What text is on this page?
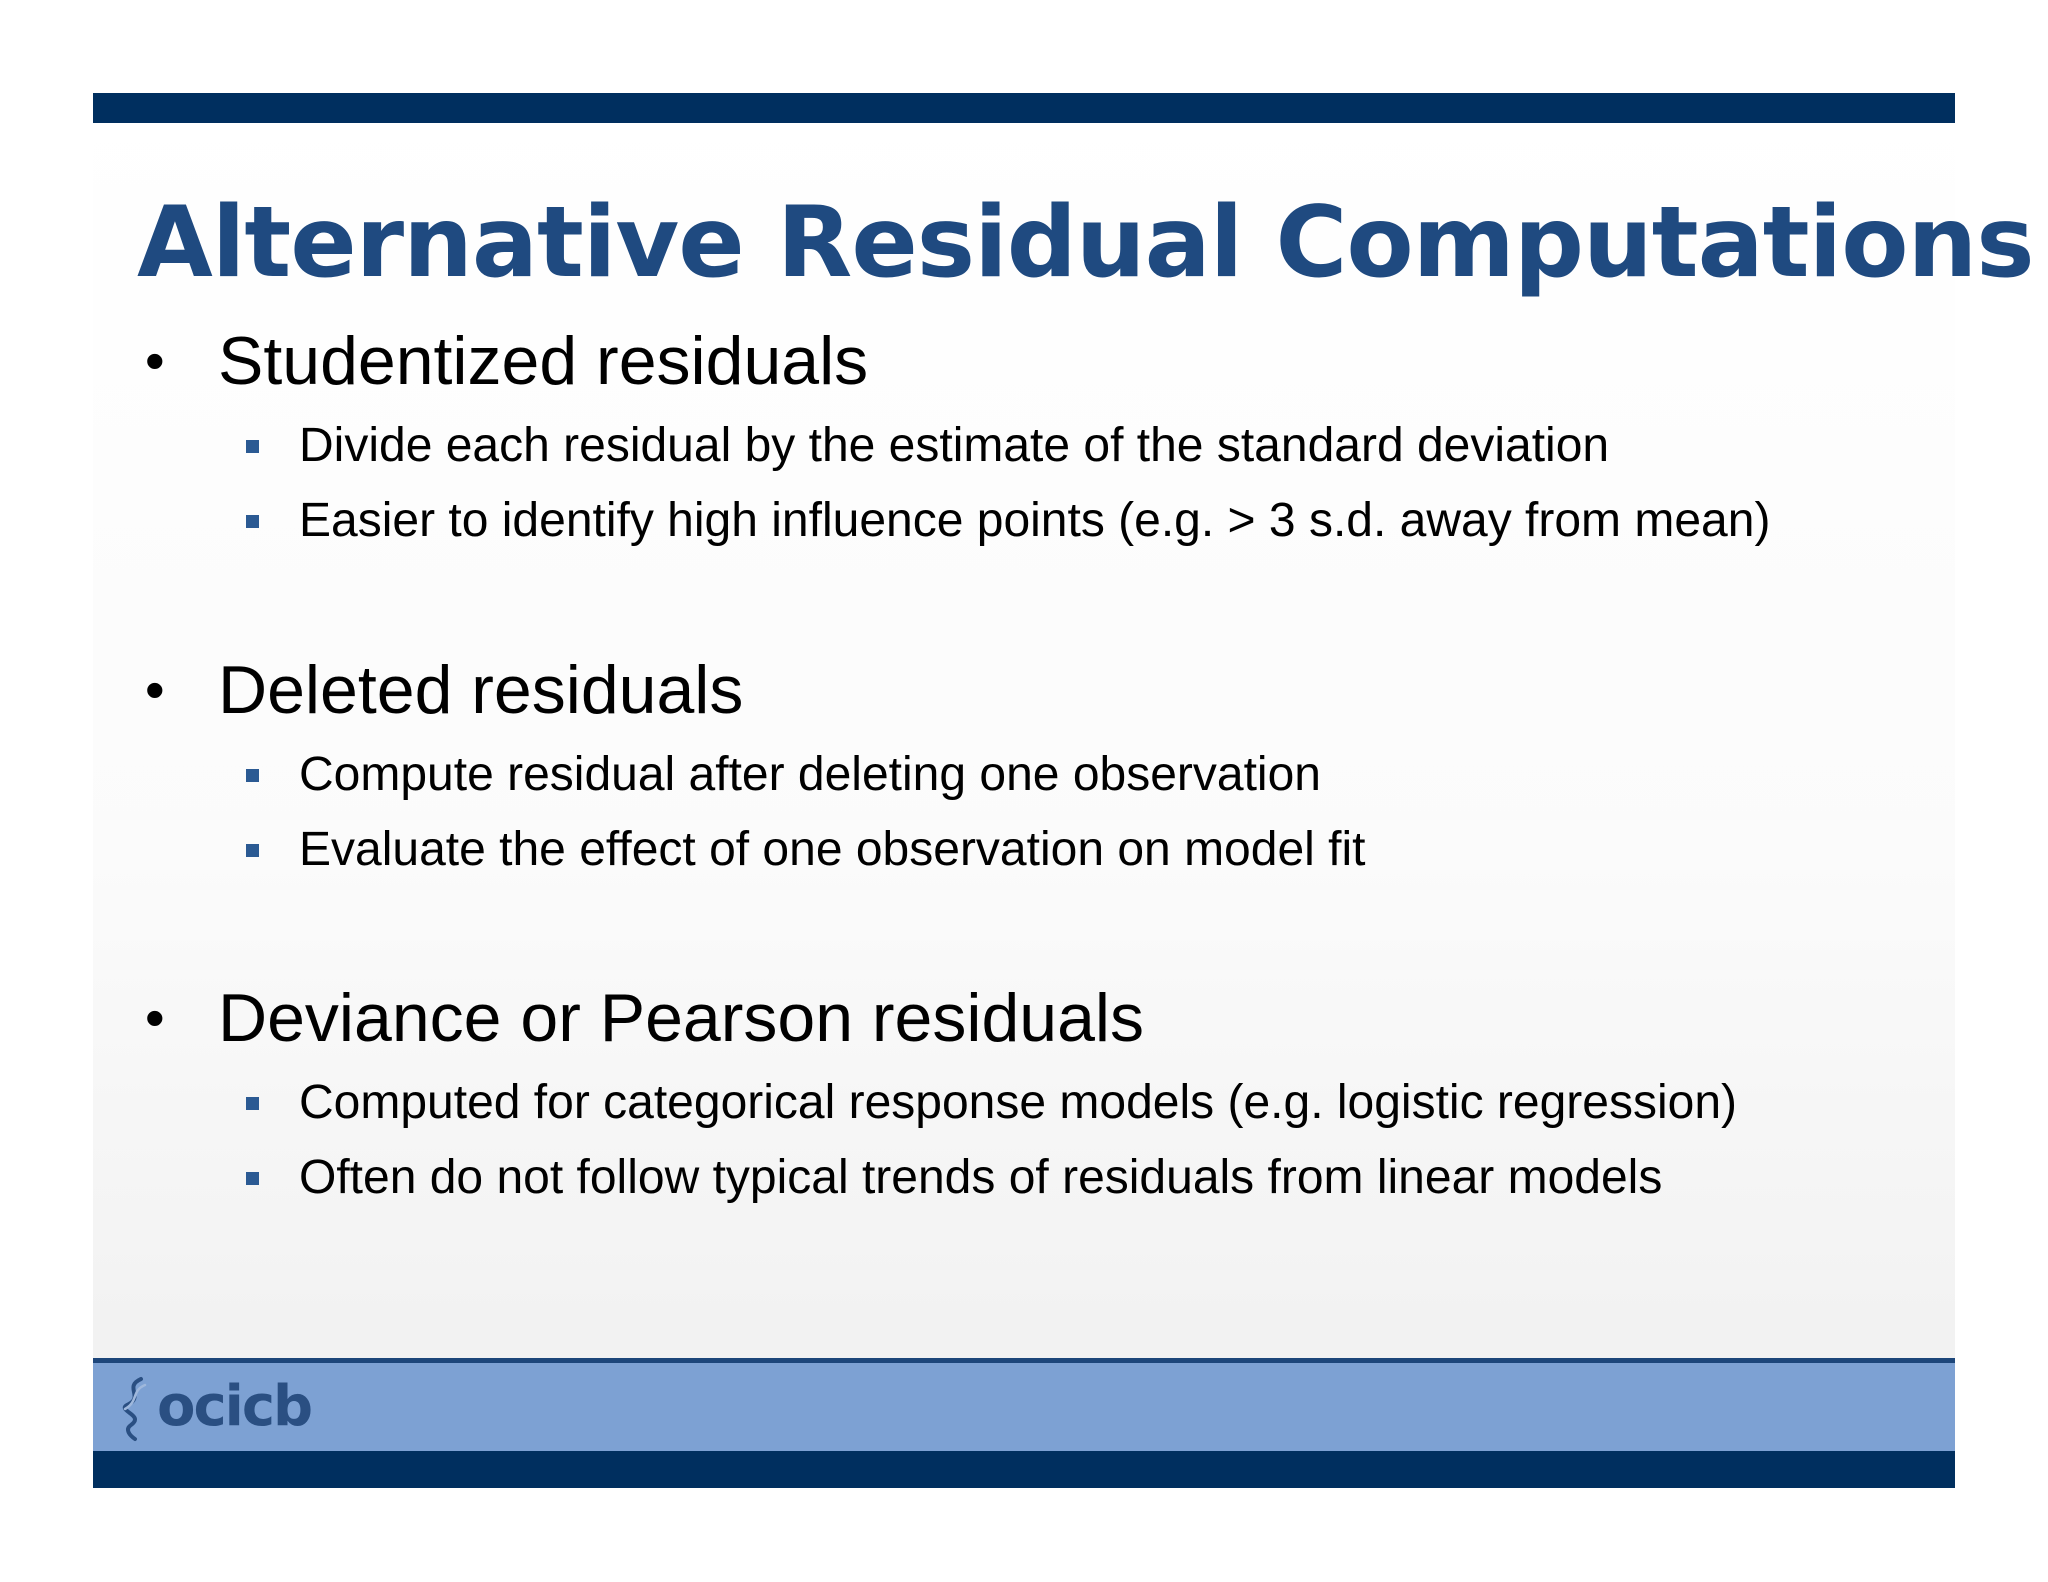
Alternative Residual Computations
• Studentized residuals
Divide each residual by the estimate of the standard deviation
Easier to identify high influence points (e.g. > 3 s.d. away from mean)
• Deleted residuals
Compute residual after deleting one observation
Evaluate the effect of one observation on model fit
• Deviance or Pearson residuals
Computed for categorical response models (e.g. logistic regression)
Often do not follow typical trends of residuals from linear models
ocicb
